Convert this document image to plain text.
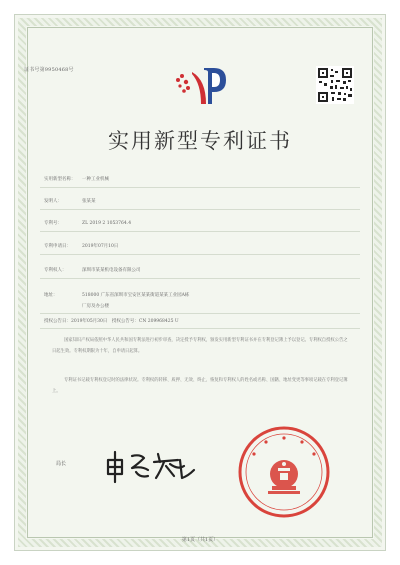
证书号第9950468号
实用新型专利证书
实用新型名称： 一种工业机械
发明人：	张某某
专利号：	ZL 2019 2 1053764.4
专利申请日： 2019年07月10日
专利权人：	深圳市某某机电设备有限公司
地址：	518000 广东省深圳市宝安区某某街道某某工业园A栋
厂房及办公楼
授权公告日：2019年05月30日　授权公告号：CN 209968425 U
国家知识产权局依照中华人民共和国专利法进行初步审查，决定授予专利权，颁发实用新型专利证书并在专利登记簿上予以登记。专利权自授权公告之日起生效。专利权期限为十年，自申请日起算。
专利证书记载专利权登记时的法律状况。专利权的转移、质押、无效、终止、恢复和专利权人的姓名或名称、国籍、地址变更等事项记载在专利登记簿上。
局长
第1页（共1页）
